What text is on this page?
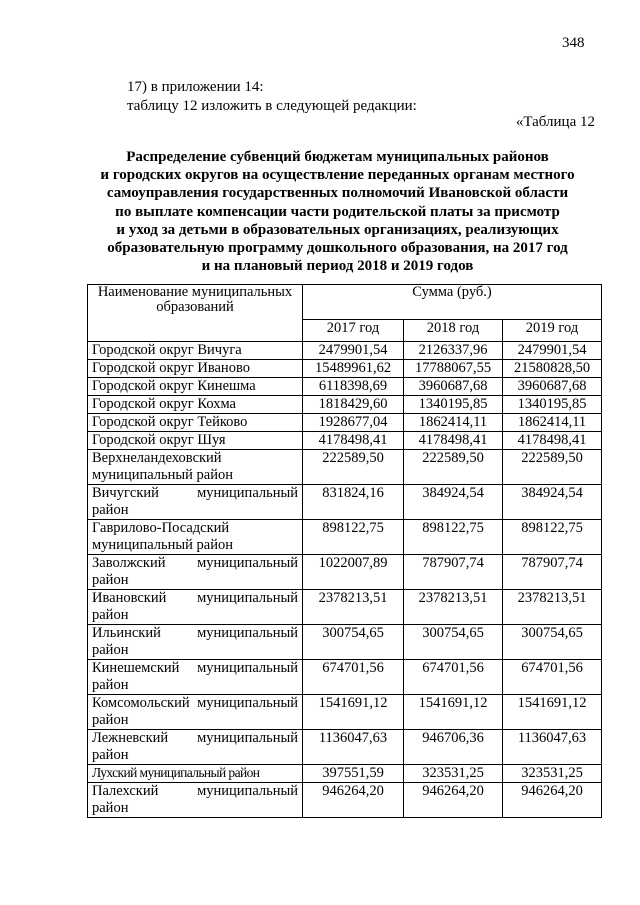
348
17) в приложении 14:
таблицу 12 изложить в следующей редакции:
«Таблица 12
Распределение субвенций бюджетам муниципальных районов
и городских округов на осуществление переданных органам местного
самоуправления государственных полномочий Ивановской области
по выплате компенсации части родительской платы за присмотр
и уход за детьми в образовательных организациях, реализующих
образовательную программу дошкольного образования, на 2017 год
и на плановый период 2018 и 2019 годов
Наименование муниципальных образований	Сумма (руб.)		
	2017 год	2018 год	2019 год
Городской округ Вичуга	2479901,54	2126337,96	2479901,54
Городской округ Иваново	15489961,62	17788067,55	21580828,50
Городской округ Кинешма	6118398,69	3960687,68	3960687,68
Городской округ Кохма	1818429,60	1340195,85	1340195,85
Городской округ Тейково	1928677,04	1862414,11	1862414,11
Городской округ Шуя	4178498,41	4178498,41	4178498,41
Верхнеландеховский
муниципальный район	222589,50	222589,50	222589,50
Вичугский муниципальный
район	831824,16	384924,54	384924,54
Гаврилово-Посадский
муниципальный район	898122,75	898122,75	898122,75
Заволжский муниципальный
район	1022007,89	787907,74	787907,74
Ивановский муниципальный
район	2378213,51	2378213,51	2378213,51
Ильинский муниципальный
район	300754,65	300754,65	300754,65
Кинешемский муниципальный
район	674701,56	674701,56	674701,56
Комсомольский муниципальный
район	1541691,12	1541691,12	1541691,12
Лежневский муниципальный
район	1136047,63	946706,36	1136047,63
Лухский муниципальный район	397551,59	323531,25	323531,25
Палехский муниципальный
район	946264,20	946264,20	946264,20
